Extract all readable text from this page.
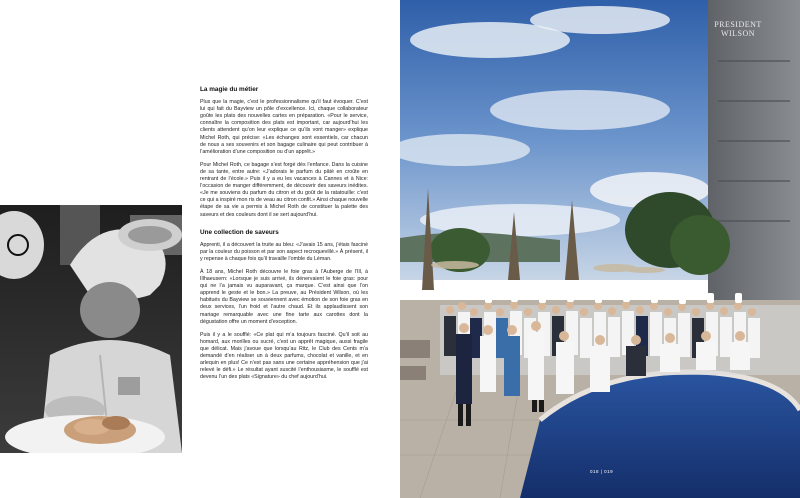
La magie du métier

Plus que la magie, c’est le professionnalisme qu’il faut évoquer. C’est lui qui fait du Bayview un pôle d’excellence. Ici, chaque collaborateur goûte les plats des nouvelles cartes en préparation. «Pour le service, connaître la composition des plats est important, car aujourd’hui les clients attendent qu’on leur explique ce qu’ils vont manger» explique Michel Roth, qui précise: «Les échanges sont essentiels, car chacun de nous a ses souvenirs et son bagage culinaire qui peut contribuer à l’amélioration d’une composition ou d’un apprêt.»

Pour Michel Roth, ce bagage s’est forgé dès l’enfance. Dans la cuisine de sa tante, entre autre: «J’adorais le parfum du pâté en croûte en rentrant de l’école.» Puis il y a eu les vacances à Cannes et à Nice: l’occasion de manger différemment, de découvrir des saveurs inédites. «Je me souviens du parfum du citron et du goût de la ratatouille: c’est ce qui a inspiré mon ris de veau au citron confit.» Ainsi chaque nouvelle étape de sa vie a permis à Michel Roth de constituer la palette des saveurs et des couleurs dont il se sert aujourd’hui.

Une collection de saveurs

Apprenti, il a découvert la truite au bleu: «J’avais 15 ans, j’étais fasciné par la couleur du poisson et par son aspect recroquevillé.» À présent, il y repense à chaque fois qu’il travaille l’omble du Léman.

À 18 ans, Michel Roth découvre le foie gras à l’Auberge de l’Ill, à Illhaeusern: «Lorsque je suis arrivé, ils dénervaient le foie gras: pour qui ne l’a jamais vu auparavant, ça marque. C’est ainsi que l’on apprend le geste et le bon.» La preuve, au Président Wilson, où les habitués du Bayview se souviennent avec émotion de son foie gras en deux services, l’un froid et l’autre chaud. Et ils applaudissent son mariage remarquable avec une fine tarte aux carottes dont la dégustation offre un moment d’exception.

Puis il y a le soufflé: «Ce plat qui m’a toujours fasciné. Qu’il soit au homard, aux morilles ou sucré, c’est un apprêt magique, aussi fragile que délicat. Mais j’avoue que lorsqu’au Ritz, le Club des Cents m’a demandé d’en réaliser un à deux parfums, chocolat et vanille, et en arlequin en plus! Ce n’est pas sans une certaine appréhension que j’ai relevé le défi.» Le résultat ayant suscité l’enthousiasme, le soufflé est devenu l’un des plats «Signature» du chef aujourd’hui.

PRESIDENT
WILSON
018 | 019
